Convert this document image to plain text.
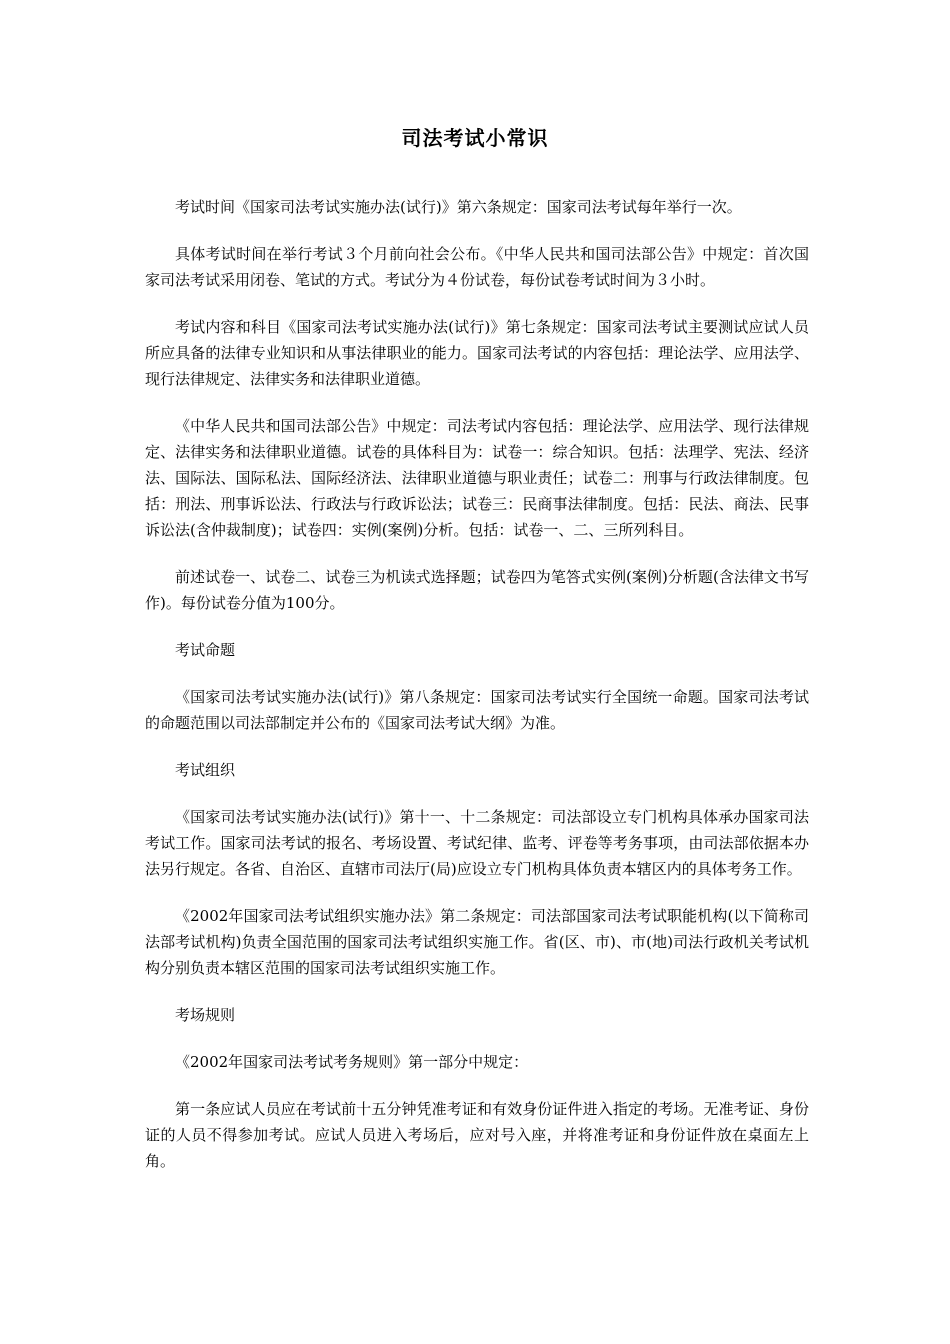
司法考试小常识

考试时间《国家司法考试实施办法(试行)》第六条规定：国家司法考试每年举行一次。

具体考试时间在举行考试３个月前向社会公布。《中华人民共和国司法部公告》中规定：首次国家司法考试采用闭卷、笔试的方式。考试分为４份试卷，每份试卷考试时间为３小时。

考试内容和科目《国家司法考试实施办法(试行)》第七条规定：国家司法考试主要测试应试人员所应具备的法律专业知识和从事法律职业的能力。国家司法考试的内容包括：理论法学、应用法学、现行法律规定、法律实务和法律职业道德。

《中华人民共和国司法部公告》中规定：司法考试内容包括：理论法学、应用法学、现行法律规定、法律实务和法律职业道德。试卷的具体科目为：试卷一：综合知识。包括：法理学、宪法、经济法、国际法、国际私法、国际经济法、法律职业道德与职业责任；试卷二：刑事与行政法律制度。包括：刑法、刑事诉讼法、行政法与行政诉讼法；试卷三：民商事法律制度。包括：民法、商法、民事诉讼法(含仲裁制度)；试卷四：实例(案例)分析。包括：试卷一、二、三所列科目。

前述试卷一、试卷二、试卷三为机读式选择题；试卷四为笔答式实例(案例)分析题(含法律文书写作)。每份试卷分值为100分。

考试命题

《国家司法考试实施办法(试行)》第八条规定：国家司法考试实行全国统一命题。国家司法考试的命题范围以司法部制定并公布的《国家司法考试大纲》为准。

考试组织

《国家司法考试实施办法(试行)》第十一、十二条规定：司法部设立专门机构具体承办国家司法考试工作。国家司法考试的报名、考场设置、考试纪律、监考、评卷等考务事项，由司法部依据本办法另行规定。各省、自治区、直辖市司法厅(局)应设立专门机构具体负责本辖区内的具体考务工作。

《2002年国家司法考试组织实施办法》第二条规定：司法部国家司法考试职能机构(以下简称司法部考试机构)负责全国范围的国家司法考试组织实施工作。省(区、市)、市(地)司法行政机关考试机构分别负责本辖区范围的国家司法考试组织实施工作。

考场规则

《2002年国家司法考试考务规则》第一部分中规定：

第一条应试人员应在考试前十五分钟凭准考证和有效身份证件进入指定的考场。无准考证、身份证的人员不得参加考试。应试人员进入考场后，应对号入座，并将准考证和身份证件放在桌面左上角。
